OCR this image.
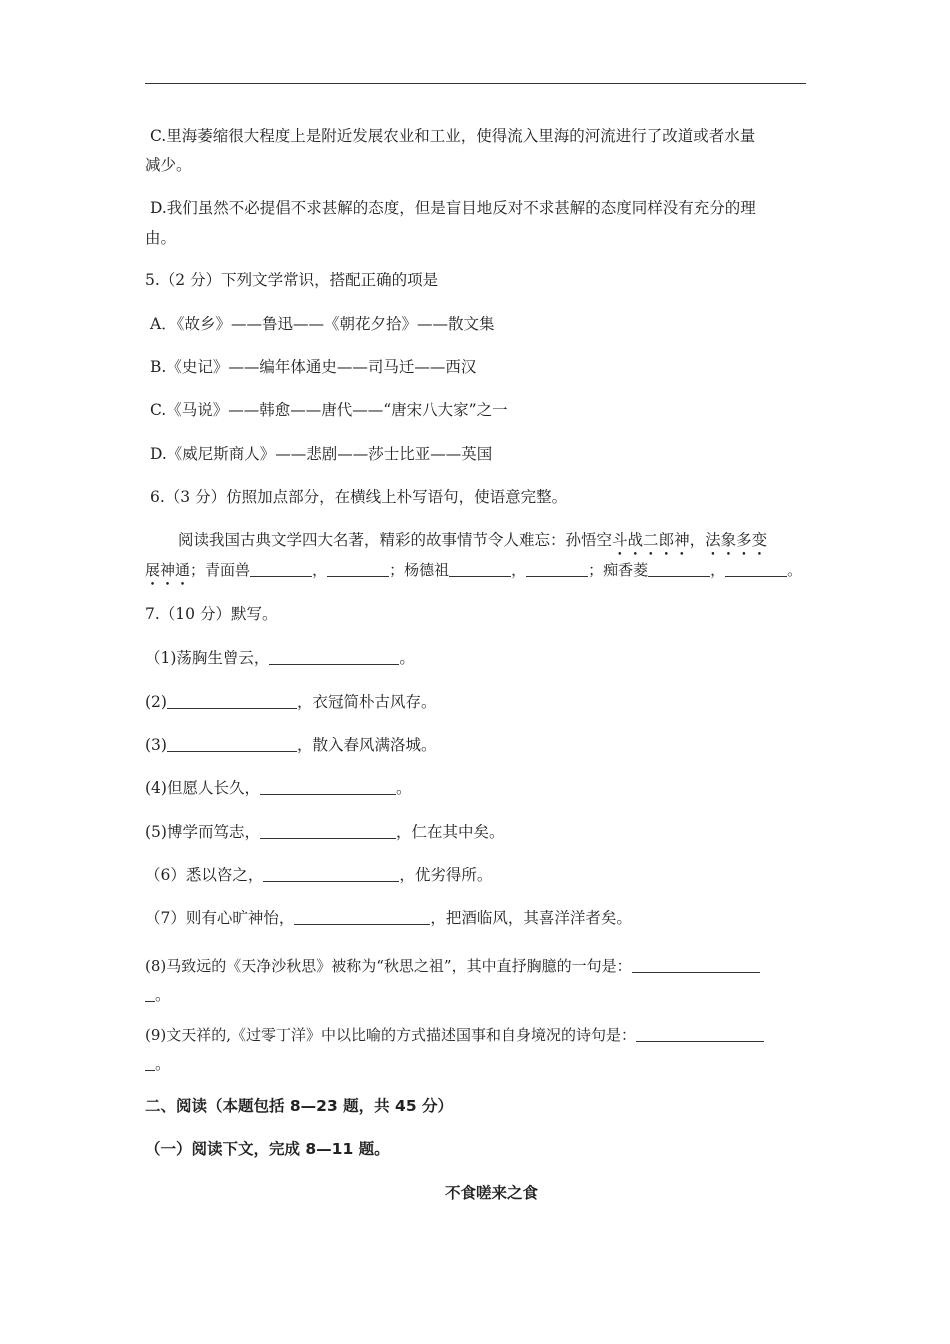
C.里海萎缩很大程度上是附近发展农业和工业，使得流入里海的河流进行了改道或者水量
减少。
D.我们虽然不必提倡不求甚解的态度，但是盲目地反对不求甚解的态度同样没有充分的理
由。
5.（2 分）下列文学常识，搭配正确的项是
A．《故乡》——鲁迅——《朝花夕拾》——散文集
B.《史记》——编年体通史——司马迁——西汉
C.《马说》——韩愈——唐代——“唐宋八大家”之一
D.《威尼斯商人》——悲剧——莎士比亚——英国
6.（3 分）仿照加点部分，在横线上朴写语句，使语意完整。
阅读我国古典文学四大名著，精彩的故事情节令人难忘：孙悟空斗战二郎神，法象多变
展神通；青面兽	，	；杨德祖	，	；痴香菱	，	。
7.（10 分）默写。
（1)荡胸生曾云，	。
(2)	，衣冠简朴古风存。
(3)	，散入春风满洛城。
(4)但愿人长久，	。
(5)博学而笃志，	，仁在其中矣。
（6）悉以咨之，	，优劣得所。
（7）则有心旷神怡，	，把酒临风，其喜洋洋者矣。
(8)马致远的《天净沙秋思》被称为“秋思之祖”，其中直抒胸臆的一句是：
。
(9)文天祥的,《过零丁洋》中以比喻的方式描述国事和自身境况的诗句是：
。
二、阅读（本题包括 8—23 题，共 45 分）
（一）阅读下文，完成 8—11 题。
不食嗟来之食
